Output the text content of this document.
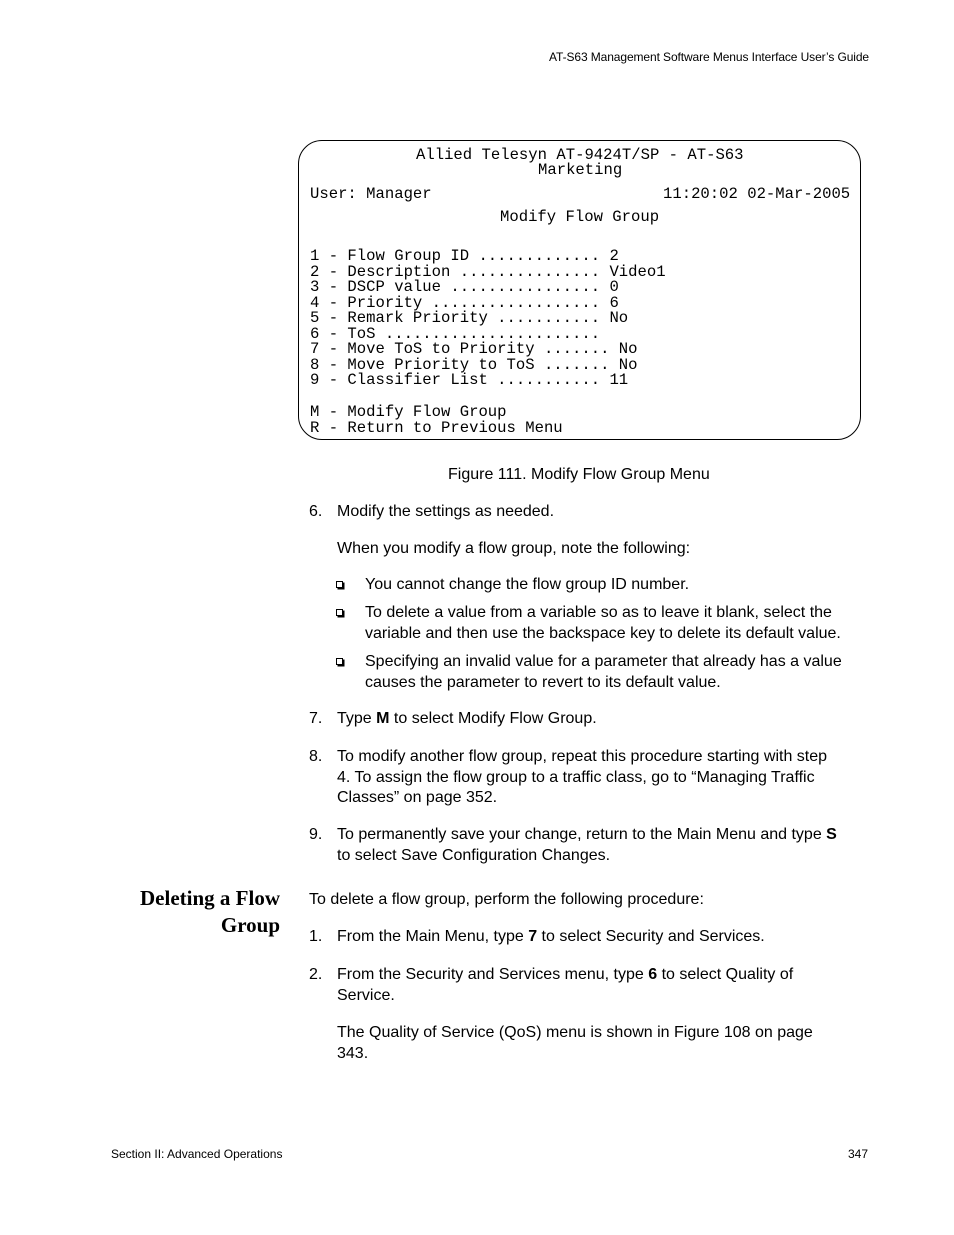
AT-S63 Management Software Menus Interface User’s Guide
Allied Telesyn AT-9424T/SP - AT-S63
Marketing
User: Manager	11:20:02 02-Mar-2005
Modify Flow Group
1 - Flow Group ID ............. 2
2 - Description ............... Video1
3 - DSCP value ................ 0
4 - Priority .................. 6
5 - Remark Priority ........... No
6 - ToS .......................
7 - Move ToS to Priority ....... No
8 - Move Priority to ToS ....... No
9 - Classifier List ........... 11
M - Modify Flow Group
R - Return to Previous Menu
Figure 111. Modify Flow Group Menu
6. Modify the settings as needed.
When you modify a flow group, note the following:
You cannot change the flow group ID number.
To delete a value from a variable so as to leave it blank, select the
variable and then use the backspace key to delete its default value.
Specifying an invalid value for a parameter that already has a value
causes the parameter to revert to its default value.
7. Type M to select Modify Flow Group.
8. To modify another flow group, repeat this procedure starting with step
4. To assign the flow group to a traffic class, go to “Managing Traffic
Classes” on page 352.
9. To permanently save your change, return to the Main Menu and type S
to select Save Configuration Changes.
Deleting a Flow
Group
To delete a flow group, perform the following procedure:
1. From the Main Menu, type 7 to select Security and Services.
2. From the Security and Services menu, type 6 to select Quality of
Service.
The Quality of Service (QoS) menu is shown in Figure 108 on page
343.
Section II: Advanced Operations	347
